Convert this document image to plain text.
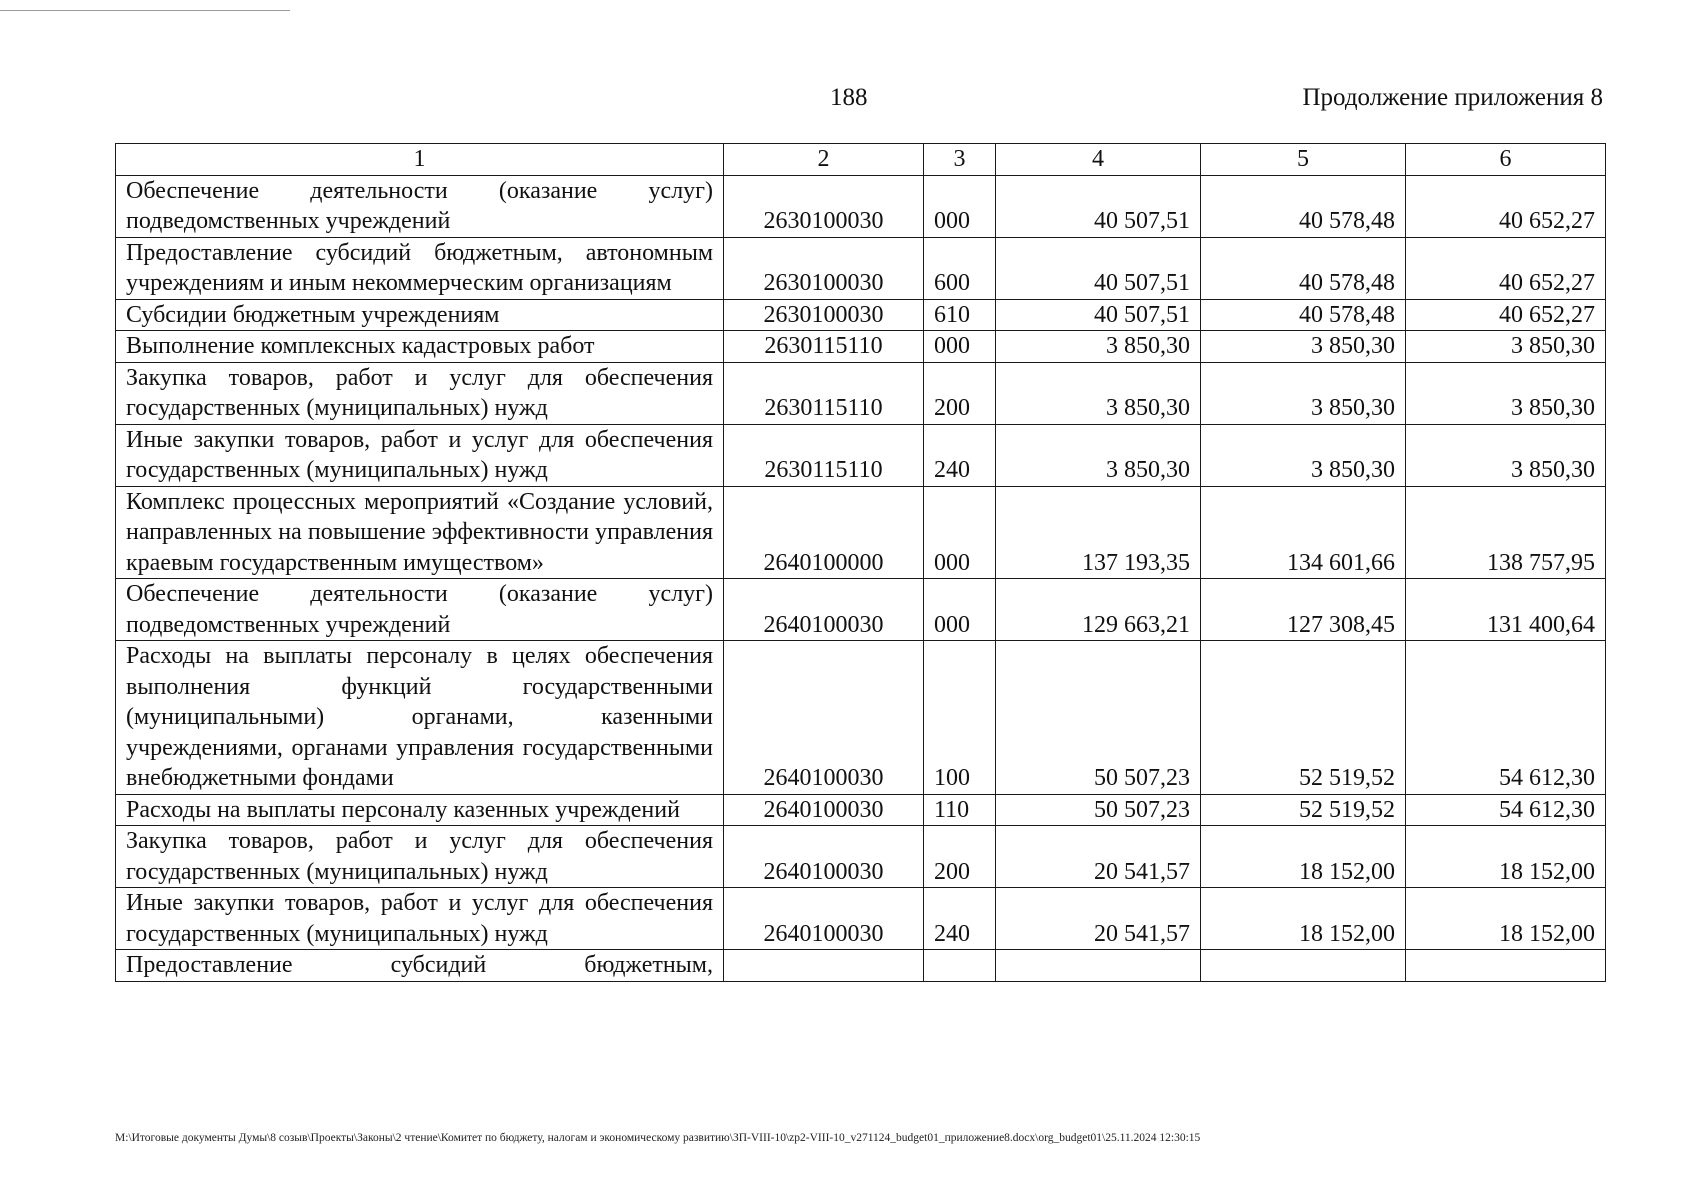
188	Продолжение приложения 8
1	2	3	4	5	6
Обеспечение деятельности (оказание услуг) подведомственных учреждений	2630100030	000	40 507,51	40 578,48	40 652,27
Предоставление субсидий бюджетным, автономным учреждениям и иным некоммерческим организациям	2630100030	600	40 507,51	40 578,48	40 652,27
Субсидии бюджетным учреждениям	2630100030	610	40 507,51	40 578,48	40 652,27
Выполнение комплексных кадастровых работ	2630115110	000	3 850,30	3 850,30	3 850,30
Закупка товаров, работ и услуг для обеспечения государственных (муниципальных) нужд	2630115110	200	3 850,30	3 850,30	3 850,30
Иные закупки товаров, работ и услуг для обеспечения государственных (муниципальных) нужд	2630115110	240	3 850,30	3 850,30	3 850,30
Комплекс процессных мероприятий «Создание условий, направленных на повышение эффективности управления краевым государственным имуществом»	2640100000	000	137 193,35	134 601,66	138 757,95
Обеспечение деятельности (оказание услуг) подведомственных учреждений	2640100030	000	129 663,21	127 308,45	131 400,64
Расходы на выплаты персоналу в целях обеспечения выполнения функций государственными (муниципальными) органами, казенными учреждениями, органами управления государственными внебюджетными фондами	2640100030	100	50 507,23	52 519,52	54 612,30
Расходы на выплаты персоналу казенных учреждений	2640100030	110	50 507,23	52 519,52	54 612,30
Закупка товаров, работ и услуг для обеспечения государственных (муниципальных) нужд	2640100030	200	20 541,57	18 152,00	18 152,00
Иные закупки товаров, работ и услуг для обеспечения государственных (муниципальных) нужд	2640100030	240	20 541,57	18 152,00	18 152,00
Предоставление субсидий бюджетным,					
M:\Итоговые документы Думы\8 созыв\Проекты\Законы\2 чтение\Комитет по бюджету, налогам и экономическому развитию\ЗП-VIII-10\zp2-VIII-10_v271124_budget01_приложение8.docx\org_budget01\25.11.2024 12:30:15
